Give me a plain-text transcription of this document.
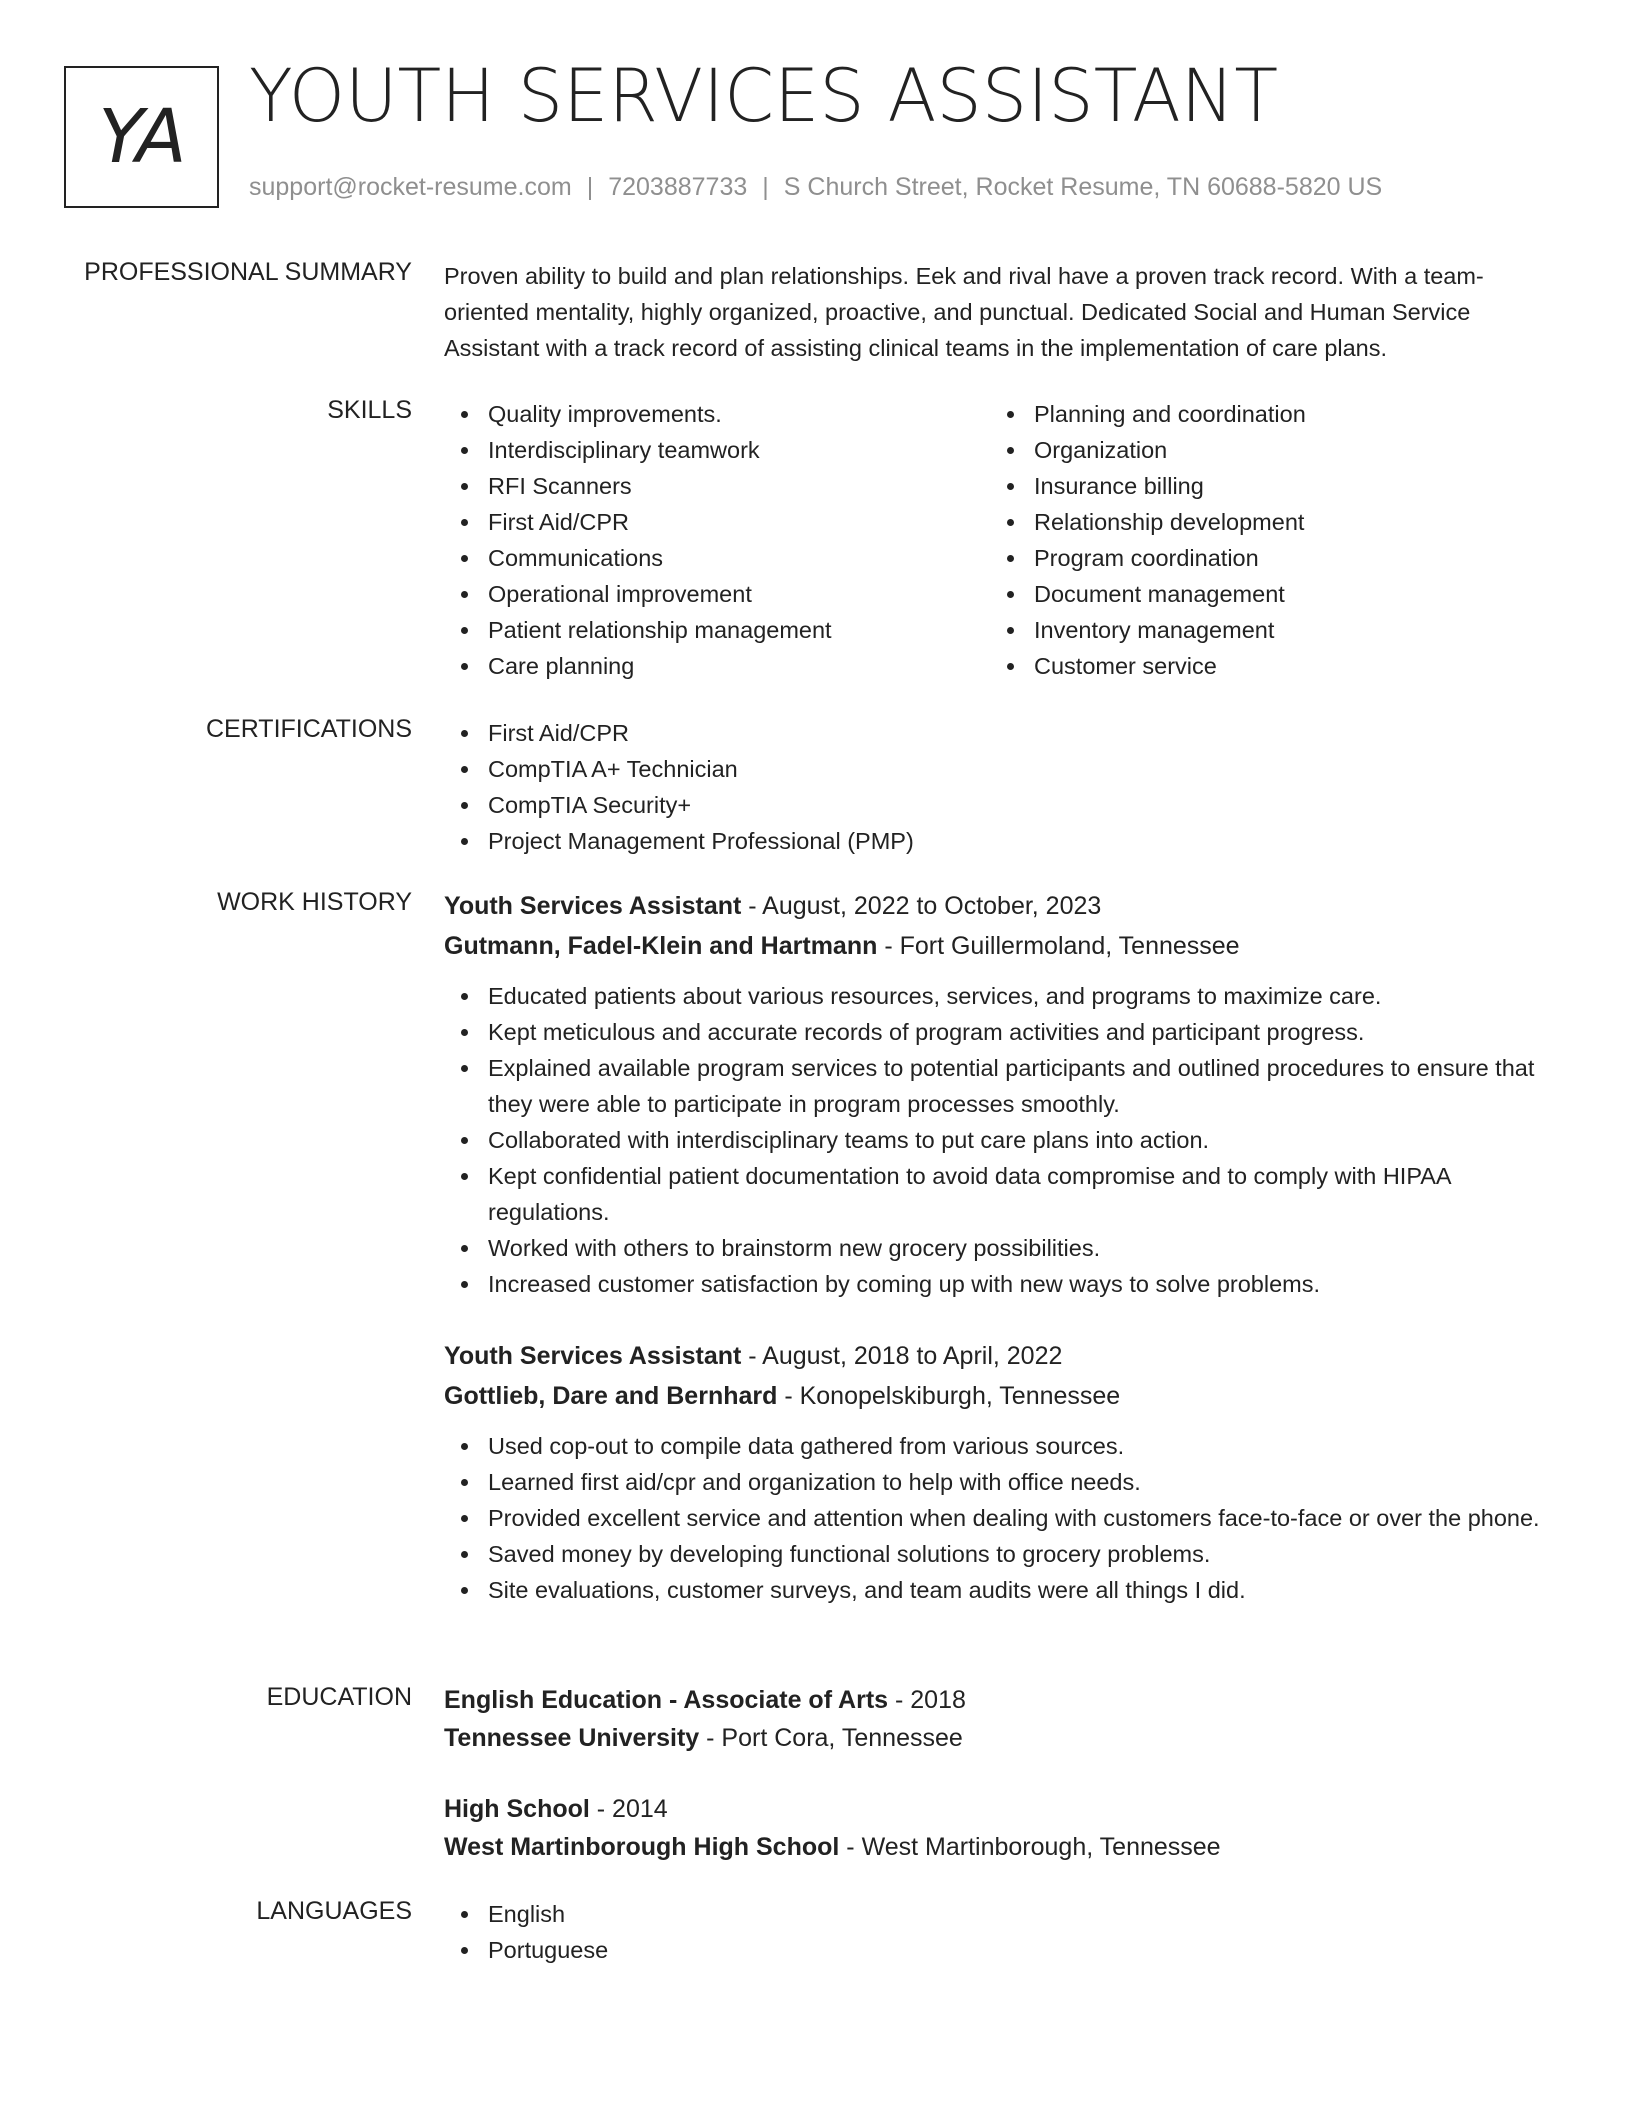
YA YOUTH SERVICES ASSISTANT
support@rocket-resume.com | 7203887733 | S Church Street, Rocket Resume, TN 60688-5820 US
PROFESSIONAL SUMMARY Proven ability to build and plan relationships. Eek and rival have a proven track record. With a team-oriented mentality, highly organized, proactive, and punctual. Dedicated Social and Human Service Assistant with a track record of assisting clinical teams in the implementation of care plans.
SKILLS	Quality improvements.
Interdisciplinary teamwork
RFI Scanners
First Aid/CPR
Communications
Operational improvement
Patient relationship management
Care planning
Planning and coordination
Organization
Insurance billing
Relationship development
Program coordination
Document management
Inventory management
Customer service
CERTIFICATIONS	First Aid/CPR
CompTIA A+ Technician
CompTIA Security+
Project Management Professional (PMP)
WORK HISTORY Youth Services Assistant - August, 2022 to October, 2023
Gutmann, Fadel-Klein and Hartmann - Fort Guillermoland, Tennessee
Educated patients about various resources, services, and programs to maximize care.
Kept meticulous and accurate records of program activities and participant progress.
Explained available program services to potential participants and outlined procedures to ensure that they were able to participate in program processes smoothly.
Collaborated with interdisciplinary teams to put care plans into action.
Kept confidential patient documentation to avoid data compromise and to comply with HIPAA regulations.
Worked with others to brainstorm new grocery possibilities.
Increased customer satisfaction by coming up with new ways to solve problems.
Youth Services Assistant - August, 2018 to April, 2022
Gottlieb, Dare and Bernhard - Konopelskiburgh, Tennessee
Used cop-out to compile data gathered from various sources.
Learned first aid/cpr and organization to help with office needs.
Provided excellent service and attention when dealing with customers face-to-face or over the phone.
Saved money by developing functional solutions to grocery problems.
Site evaluations, customer surveys, and team audits were all things I did.
EDUCATION English Education - Associate of Arts - 2018
Tennessee University - Port Cora, Tennessee
High School - 2014
West Martinborough High School - West Martinborough, Tennessee
LANGUAGES	English
Portuguese
